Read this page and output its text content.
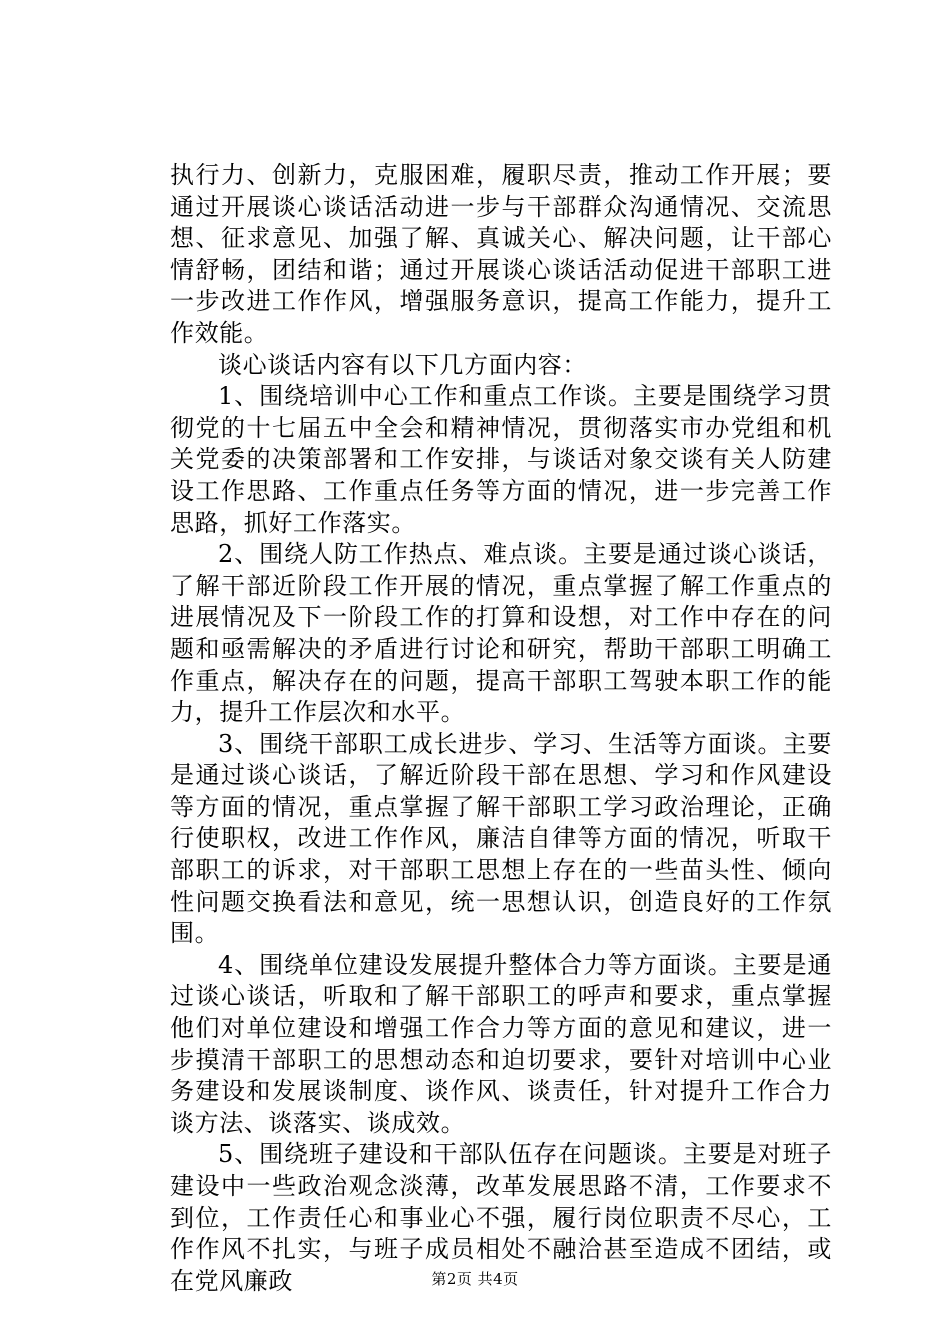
执行力、创新力，克服困难，履职尽责，推动工作开展；要通过开展谈心谈话活动进一步与干部群众沟通情况、交流思想、征求意见、加强了解、真诚关心、解决问题，让干部心情舒畅，团结和谐；通过开展谈心谈话活动促进干部职工进一步改进工作作风，增强服务意识，提高工作能力，提升工作效能。

谈心谈话内容有以下几方面内容：

1、围绕培训中心工作和重点工作谈。主要是围绕学习贯彻党的十七届五中全会和精神情况，贯彻落实市办党组和机关党委的决策部署和工作安排，与谈话对象交谈有关人防建设工作思路、工作重点任务等方面的情况，进一步完善工作思路，抓好工作落实。

2、围绕人防工作热点、难点谈。主要是通过谈心谈话，了解干部近阶段工作开展的情况，重点掌握了解工作重点的进展情况及下一阶段工作的打算和设想，对工作中存在的问题和亟需解决的矛盾进行讨论和研究，帮助干部职工明确工作重点，解决存在的问题，提高干部职工驾驶本职工作的能力，提升工作层次和水平。

3、围绕干部职工成长进步、学习、生活等方面谈。主要是通过谈心谈话，了解近阶段干部在思想、学习和作风建设等方面的情况，重点掌握了解干部职工学习政治理论，正确行使职权，改进工作作风，廉洁自律等方面的情况，听取干部职工的诉求，对干部职工思想上存在的一些苗头性、倾向性问题交换看法和意见，统一思想认识，创造良好的工作氛围。

4、围绕单位建设发展提升整体合力等方面谈。主要是通过谈心谈话，听取和了解干部职工的呼声和要求，重点掌握他们对单位建设和增强工作合力等方面的意见和建议，进一步摸清干部职工的思想动态和迫切要求，要针对培训中心业务建设和发展谈制度、谈作风、谈责任，针对提升工作合力谈方法、谈落实、谈成效。

5、围绕班子建设和干部队伍存在问题谈。主要是对班子建设中一些政治观念淡薄，改革发展思路不清，工作要求不到位，工作责任心和事业心不强，履行岗位职责不尽心，工作作风不扎实，与班子成员相处不融洽甚至造成不团结，或在党风廉政	第2页 共4页
